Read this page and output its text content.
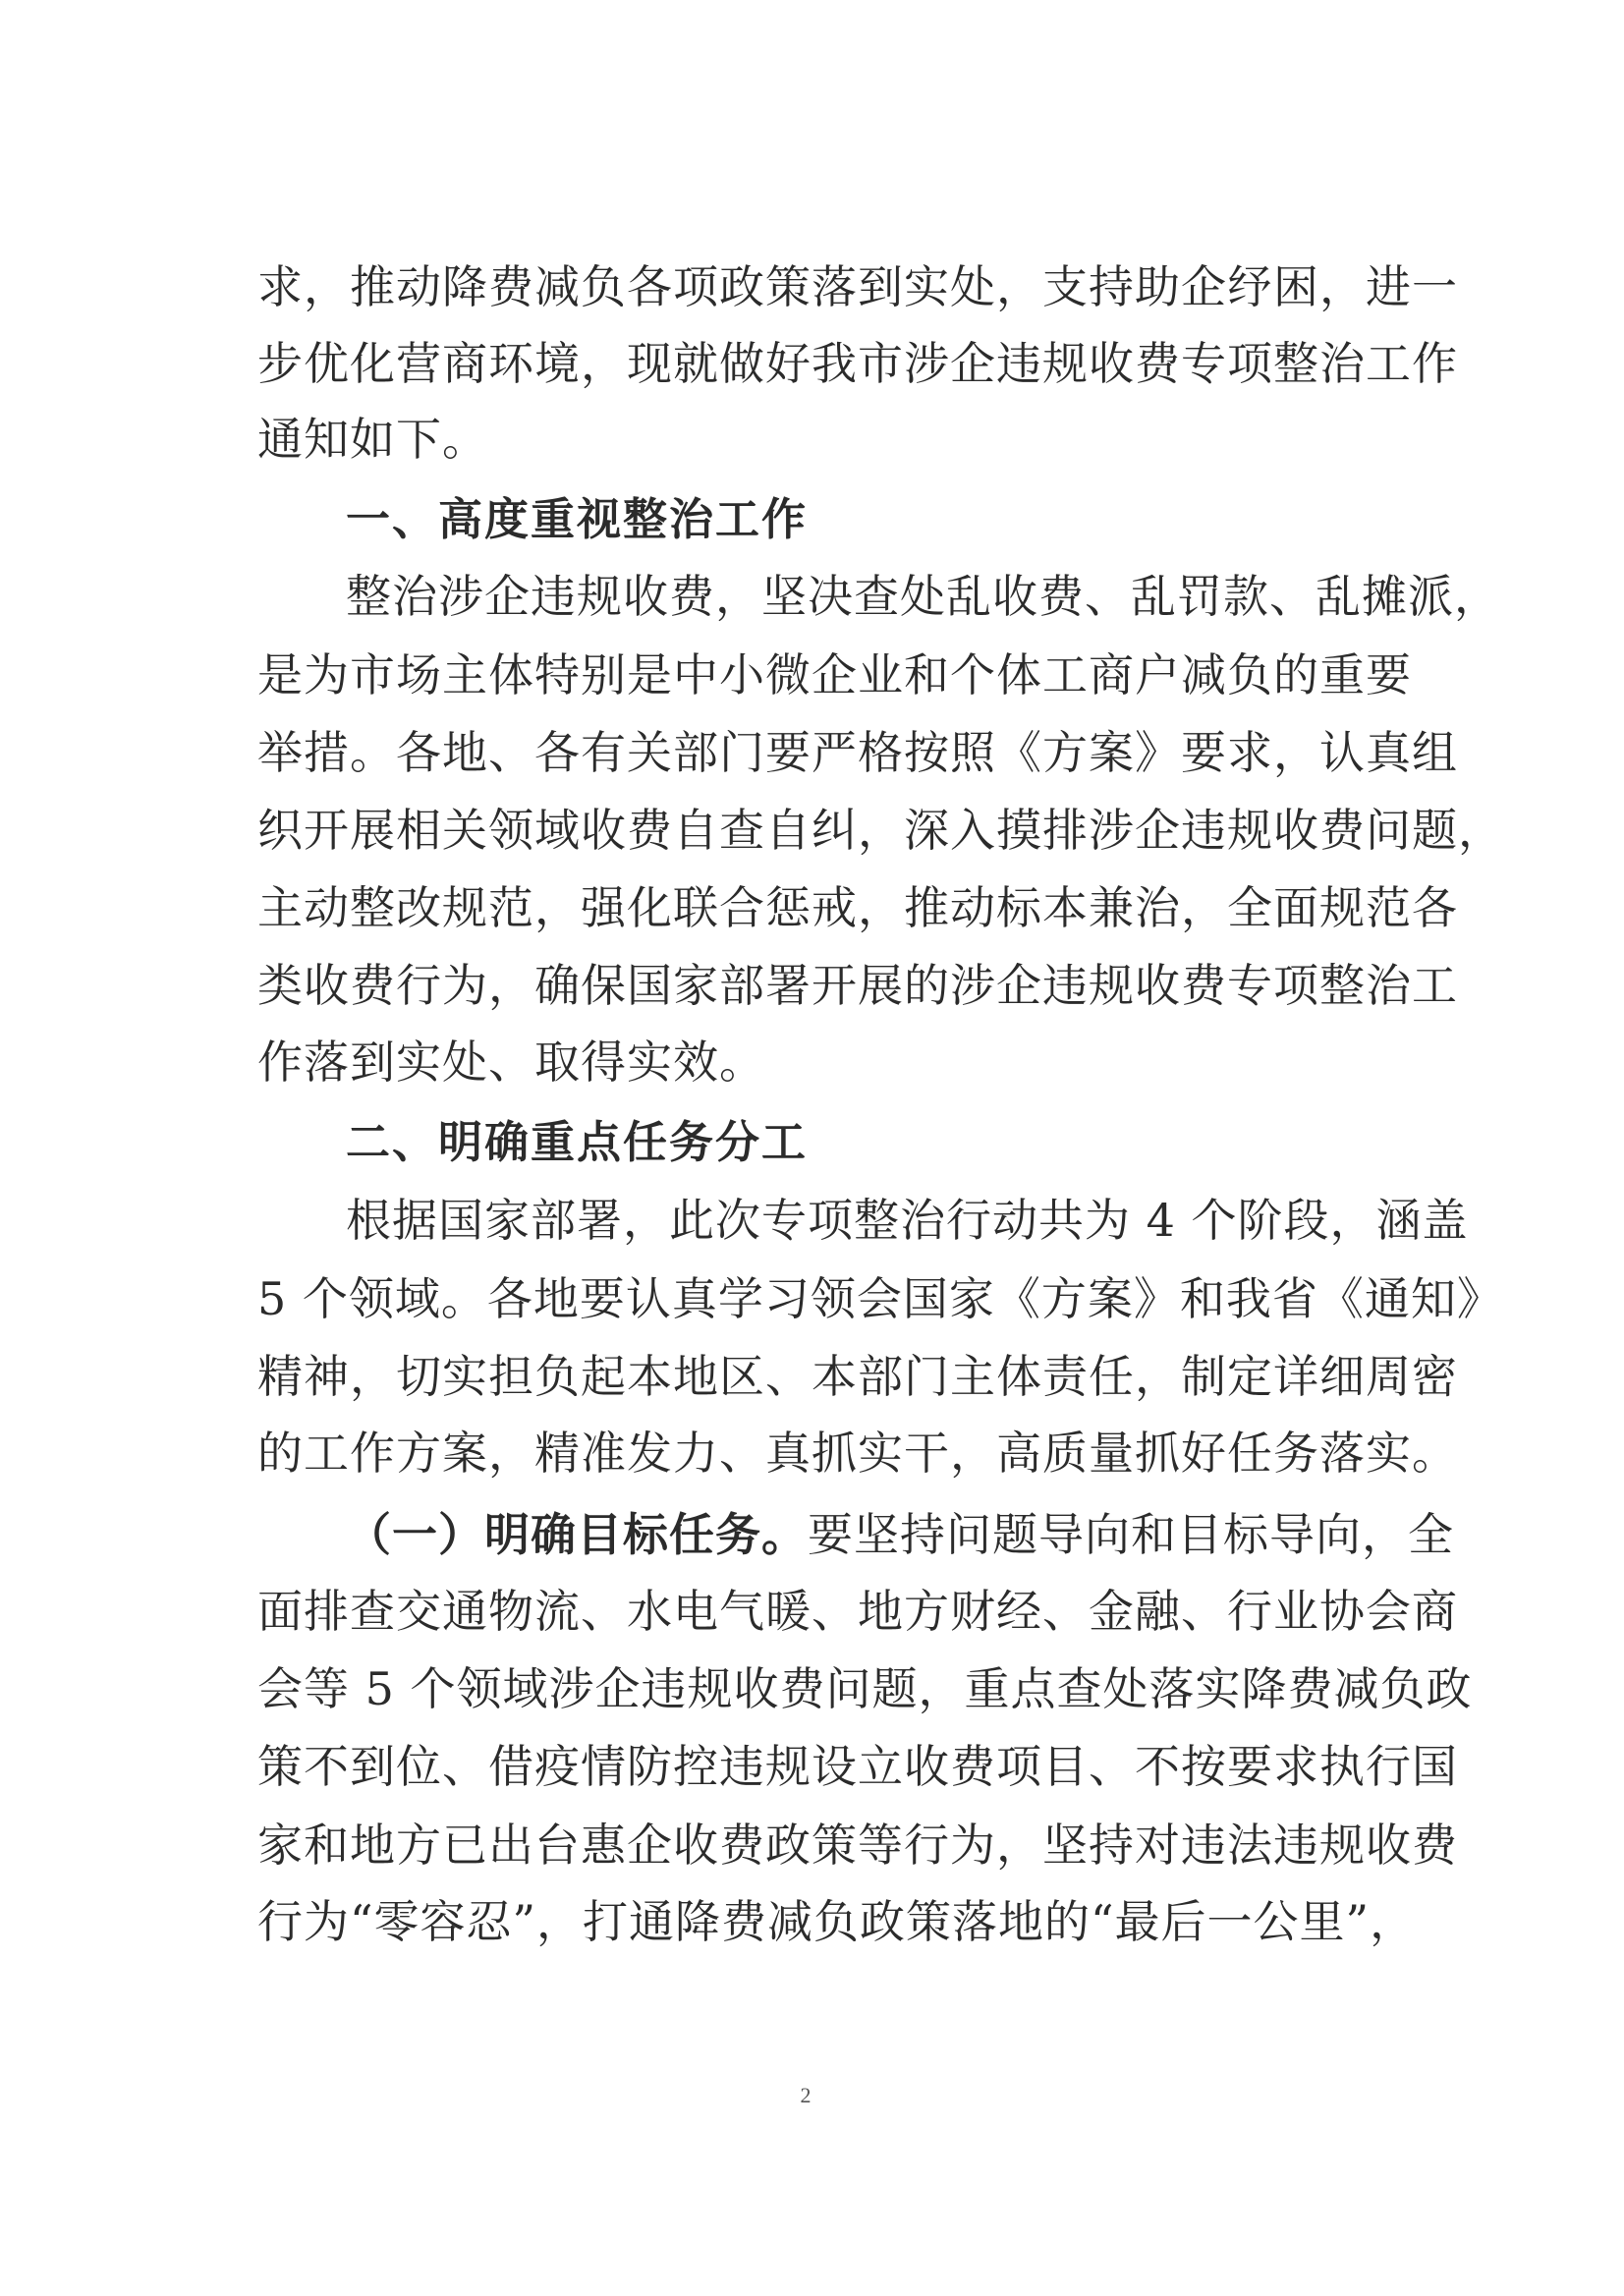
求，推动降费减负各项政策落到实处，支持助企纾困，进一
步优化营商环境，现就做好我市涉企违规收费专项整治工作
通知如下。
一、高度重视整治工作
整治涉企违规收费，坚决查处乱收费、乱罚款、乱摊派，
是为市场主体特别是中小微企业和个体工商户减负的重要
举措。各地、各有关部门要严格按照《方案》要求，认真组
织开展相关领域收费自查自纠，深入摸排涉企违规收费问题，
主动整改规范，强化联合惩戒，推动标本兼治，全面规范各
类收费行为，确保国家部署开展的涉企违规收费专项整治工
作落到实处、取得实效。
二、明确重点任务分工
根据国家部署，此次专项整治行动共为 4 个阶段，涵盖
5 个领域。各地要认真学习领会国家《方案》和我省《通知》
精神，切实担负起本地区、本部门主体责任，制定详细周密
的工作方案，精准发力、真抓实干，高质量抓好任务落实。
（一）明确目标任务。要坚持问题导向和目标导向，全
面排查交通物流、水电气暖、地方财经、金融、行业协会商
会等 5 个领域涉企违规收费问题，重点查处落实降费减负政
策不到位、借疫情防控违规设立收费项目、不按要求执行国
家和地方已出台惠企收费政策等行为，坚持对违法违规收费
行为“零容忍”，打通降费减负政策落地的“最后一公里”，
2
